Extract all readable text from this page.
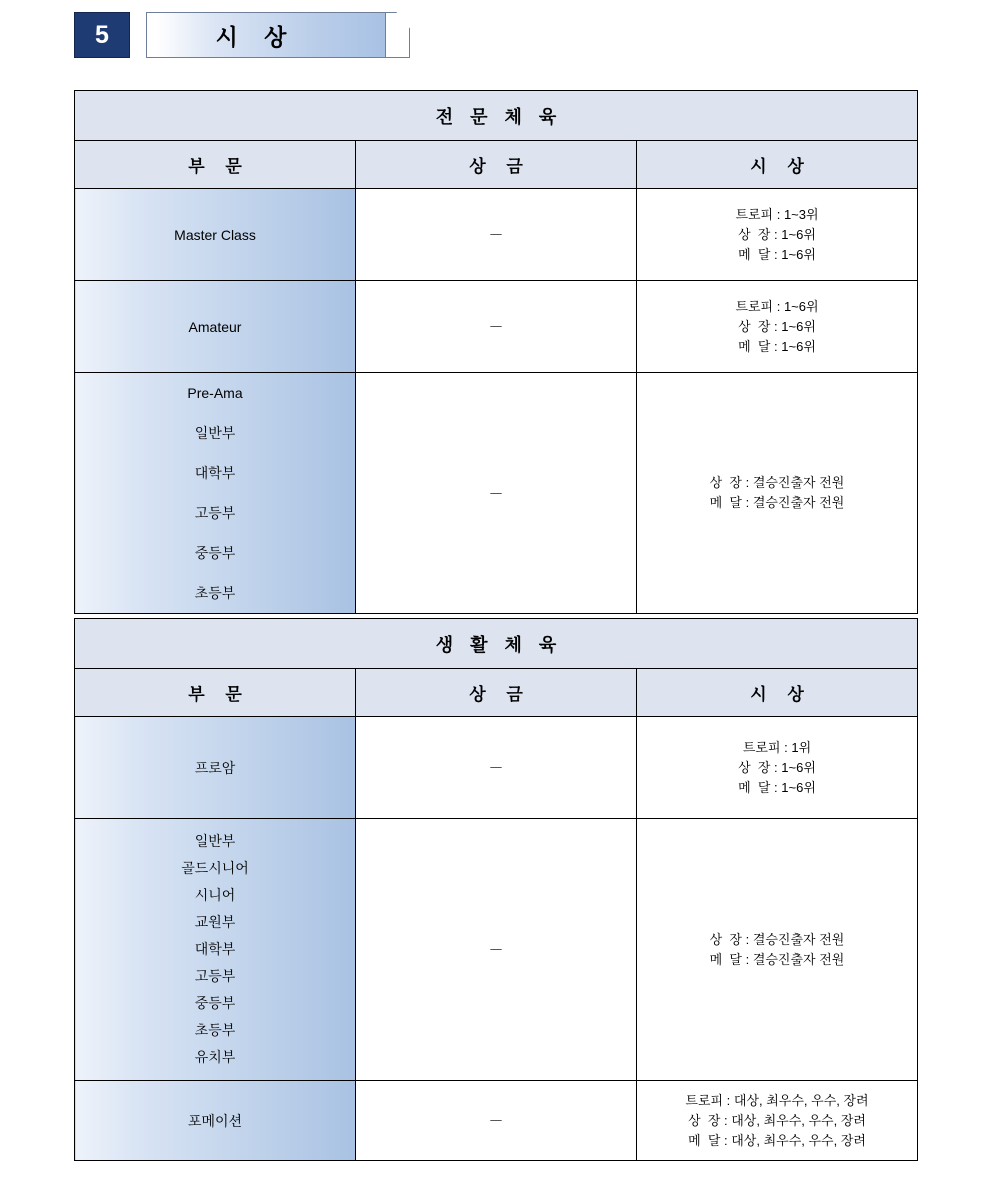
5	시 상
전 문 체 육		
부 문	상 금	시 상

Master Class	－	트로피 : 1~3위
상  장 : 1~6위
메  달 : 1~6위

Amateur	－	트로피 : 1~6위
상  장 : 1~6위
메  달 : 1~6위

Pre-Ama
일반부
대학부
고등부
중등부
초등부
	－	상  장 : 결승진출자 전원
메  달 : 결승진출자 전원
생 활 체 육		
부 문	상 금	시 상

프로암	－	트로피 : 1위
상  장 : 1~6위
메  달 : 1~6위

일반부
골드시니어
시니어
교원부
대학부
고등부
중등부
초등부
유치부
	－	상  장 : 결승진출자 전원
메  달 : 결승진출자 전원

포메이션	－	트로피 : 대상, 최우수, 우수, 장려
상  장 : 대상, 최우수, 우수, 장려
메  달 : 대상, 최우수, 우수, 장려
